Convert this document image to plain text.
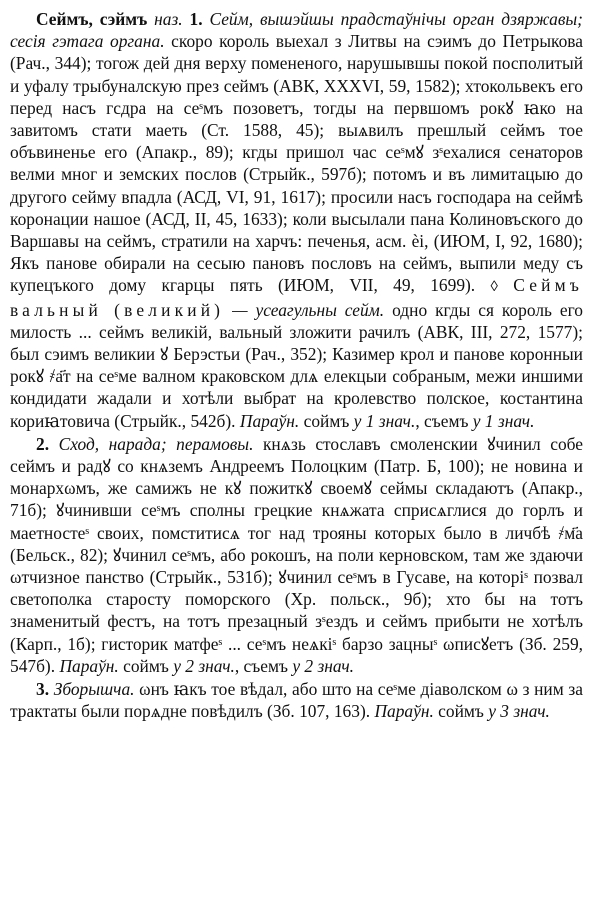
Сеймъ, сэймъ наз. 1. Сейм, вышэйшы прадстаўнічы орган дзяржавы; сесія гэтага органа. скоро король выехал з Литвы на сэимъ до Петрыкова (Рач., 344); тогож дей дня верху помененого, нарушывшы покой посполитый и уфалу трыбуналскую през сеймъ (АВК, XXXVI, 59, 1582); хтокольвекъ его перед насъ гсдра на сеˢмъ позоветъ, тогды на первшомъ рокꙋ ꙗко на завитомъ стати маеть (Ст. 1588, 45); выѧвилъ прешлый сеймъ тое объвиненье его (Апакр., 89); кгды пришол час сеˢмꙋ зˢехалися сенаторов велми мног и земских послов (Стрыйк., 597б); потомъ и въ лимитацыю до другого сейму впадла (АСД, VI, 91, 1617); просили насъ господара на сеймѣ коронации нашое (АСД, II, 45, 1633); коли высылали пана Колиновъского до Варшавы на сеймъ, стратили на харчъ: печенья, асм. ѐі, (ИЮМ, I, 92, 1680); Якъ панове обирали на сесыю пановъ пословъ на сеймъ, выпили меду съ купецъкого дому кгарцы пять (ИЮМ, VII, 49, 1699). ◊ Сеймъ вальный (великий) — усеагульны сейм. одно кгды ся король его милость ... сеймъ великій, вальный зложити рачилъ (АВК, III, 272, 1577); был сэимъ великии ꙋ Берэстьи (Рач., 352); Казимер крол и панове коронныи рокꙋ ҂а҃т на сеˢме валном краковском длѧ елекцыи собраным, межи иншими кондидати жадали и хотѣли выбрат на кролевство полское, костантина кориꙗтовича (Стрыйк., 542б). Параўн. соймъ у 1 знач., съемъ у 1 знач.

2. Сход, нарада; перамовы. кнѧзь стославъ смоленскии ꙋчинил собе сеймъ и радꙋ со кнѧземъ Андреемъ Полоцким (Патр. Б, 100); не новина и монархωмъ, же самижъ не кꙋ пожиткꙋ своемꙋ сеймы складаютъ (Апакр., 71б); ꙋчинивши сеˢмъ сполны грецкие кнѧжата сприсѧглися до горлъ и маетностеˢ своих, помститисѧ тог над трояны которых было в личбѣ ҂м҃а (Бельск., 82); ꙋчинил сеˢмъ, або рокошъ, на поли керновском, там же здаючи ωтчизное панство (Стрыйк., 531б); ꙋчинил сеˢмъ в Гусаве, на которіˢ позвал светополка старосту поморского (Хр. польск., 9б); хто бы на тотъ знаменитый фестъ, на тотъ презацный зˢездъ и сеймъ прибыти не хотѣлъ (Карп., 1б); гисторик матфеˢ ... сеˢмъ неѧкіˢ барзо зацныˢ ωписꙋетъ (Зб. 259, 547б). Параўн. соймъ у 2 знач., съемъ у 2 знач.

3. Зборышча. ωнъ ꙗкъ тое вѣдал, або што на сеˢме діаволском ω з ним за трактаты были порѧдне повѣдилъ (Зб. 107, 163). Параўн. соймъ у 3 знач.
